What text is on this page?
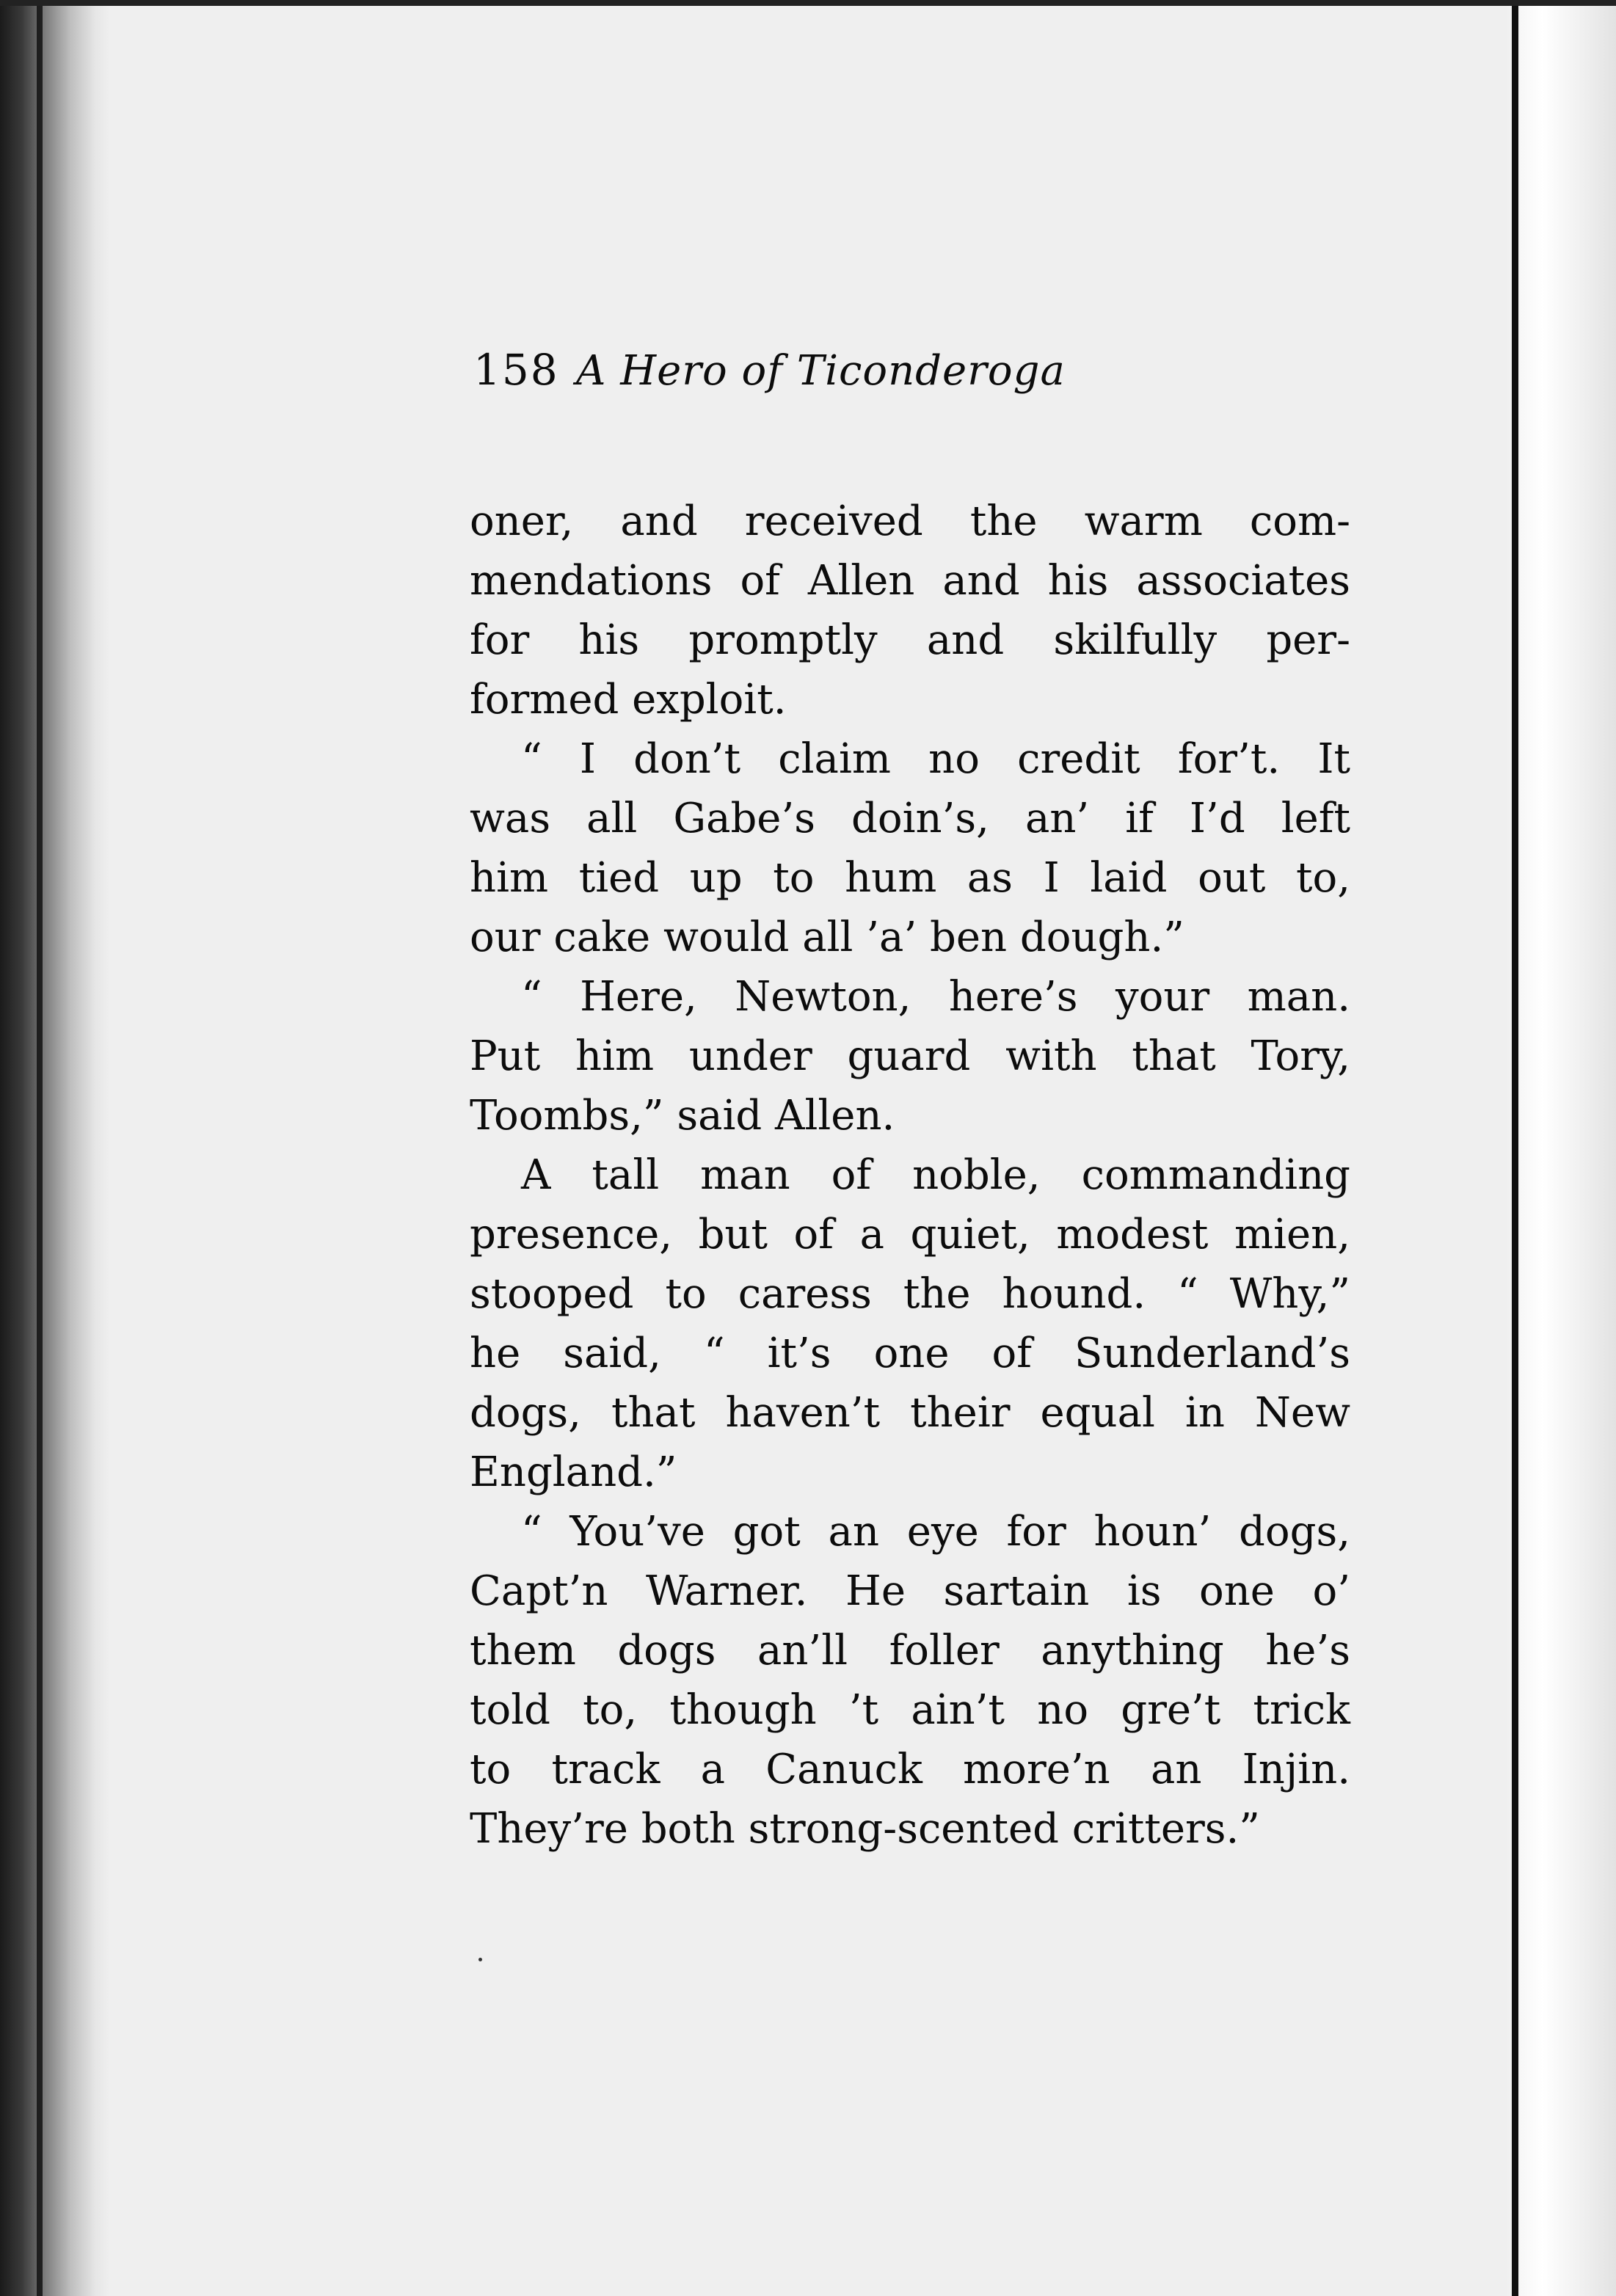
158 A Hero of Ticonderoga
oner, and received the warm com-
mendations of Allen and his associates
for his promptly and skilfully per-
formed exploit.
“ I don’t claim no credit for’t. It
was all Gabe’s doin’s, an’ if I’d left
him tied up to hum as I laid out to,
our cake would all ’a’ ben dough.”
“ Here, Newton, here’s your man.
Put him under guard with that Tory,
Toombs,” said Allen.
A tall man of noble, commanding
presence, but of a quiet, modest mien,
stooped to caress the hound. “ Why,”
he said, “ it’s one of Sunderland’s
dogs, that haven’t their equal in New
England.”
“ You’ve got an eye for houn’ dogs,
Capt’n Warner. He sartain is one o’
them dogs an’ll foller anything he’s
told to, though ’t ain’t no gre’t trick
to track a Canuck more’n an Injin.
They’re both strong-scented critters.”
